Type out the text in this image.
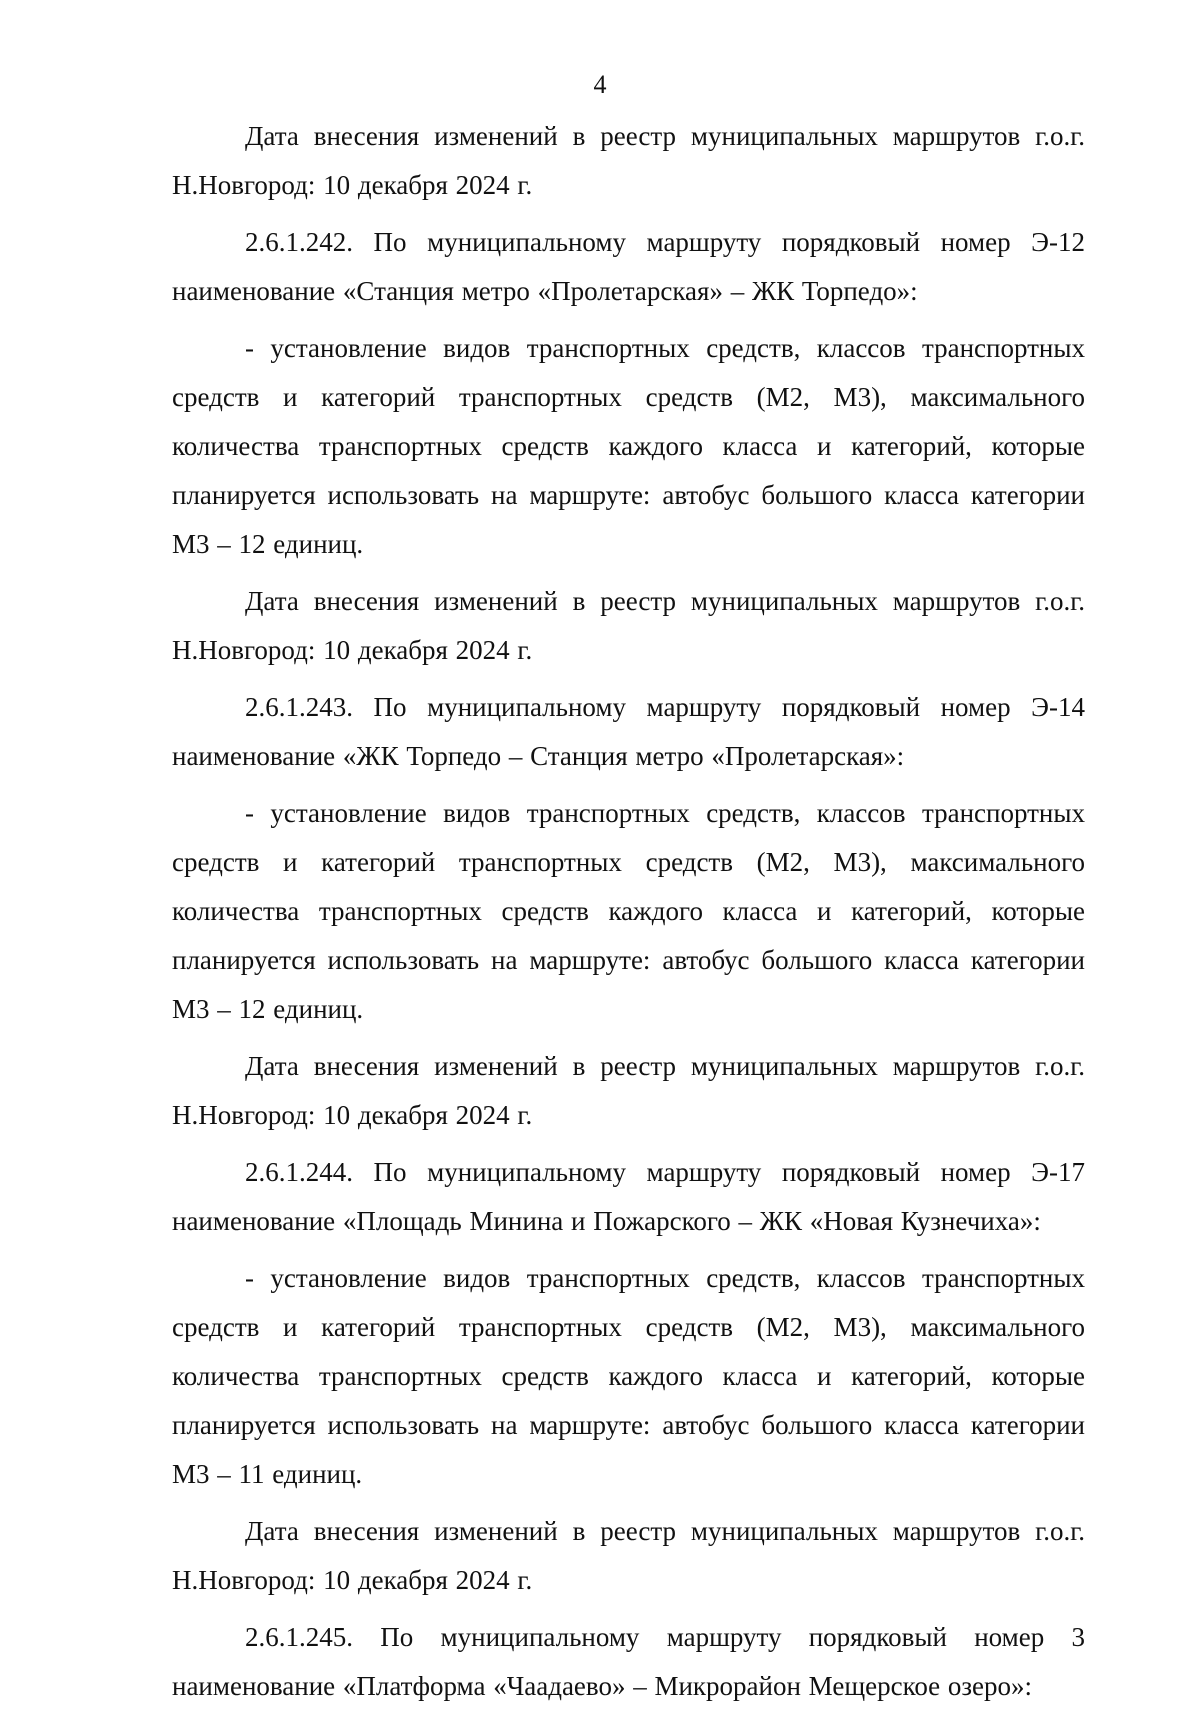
4

Дата внесения изменений в реестр муниципальных маршрутов г.о.г. Н.Новгород: 10 декабря 2024 г.

2.6.1.242. По муниципальному маршруту порядковый номер Э-12 наименование «Станция метро «Пролетарская» – ЖК Торпедо»:

- установление видов транспортных средств, классов транспортных средств и категорий транспортных средств (М2, М3), максимального количества транспортных средств каждого класса и категорий, которые планируется использовать на маршруте: автобус большого класса категории М3 – 12 единиц.

Дата внесения изменений в реестр муниципальных маршрутов г.о.г. Н.Новгород: 10 декабря 2024 г.

2.6.1.243. По муниципальному маршруту порядковый номер Э-14 наименование «ЖК Торпедо – Станция метро «Пролетарская»:

- установление видов транспортных средств, классов транспортных средств и категорий транспортных средств (М2, М3), максимального количества транспортных средств каждого класса и категорий, которые планируется использовать на маршруте: автобус большого класса категории М3 – 12 единиц.

Дата внесения изменений в реестр муниципальных маршрутов г.о.г. Н.Новгород: 10 декабря 2024 г.

2.6.1.244. По муниципальному маршруту порядковый номер Э-17 наименование «Площадь Минина и Пожарского – ЖК «Новая Кузнечиха»:

- установление видов транспортных средств, классов транспортных средств и категорий транспортных средств (М2, М3), максимального количества транспортных средств каждого класса и категорий, которые планируется использовать на маршруте: автобус большого класса категории М3 – 11 единиц.

Дата внесения изменений в реестр муниципальных маршрутов г.о.г. Н.Новгород: 10 декабря 2024 г.

2.6.1.245. По муниципальному маршруту порядковый номер 3 наименование «Платформа «Чаадаево» – Микрорайон Мещерское озеро»:
